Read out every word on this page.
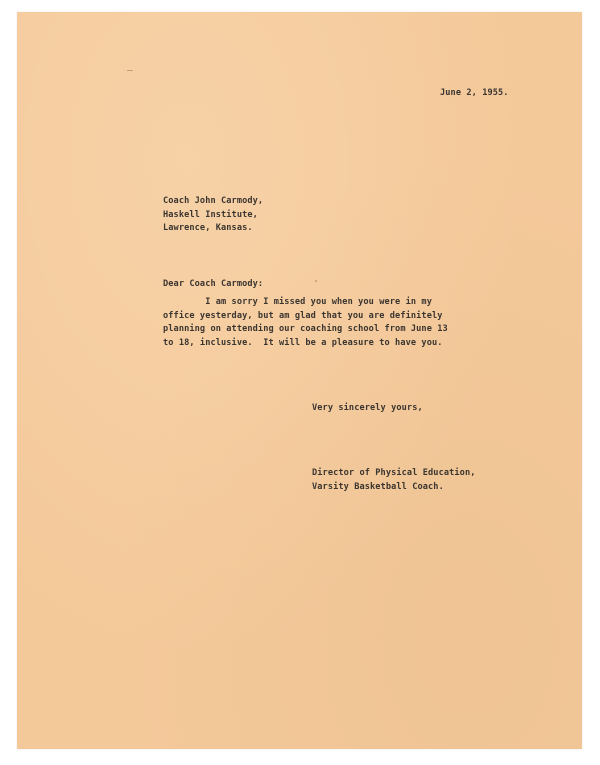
June 2, 1955.
Coach John Carmody,
Haskell Institute,
Lawrence, Kansas.
Dear Coach Carmody:
I am sorry I missed you when you were in my
office yesterday, but am glad that you are definitely
planning on attending our coaching school from June 13
to 18, inclusive.  It will be a pleasure to have you.
Very sincerely yours,
Director of Physical Education,
Varsity Basketball Coach.
